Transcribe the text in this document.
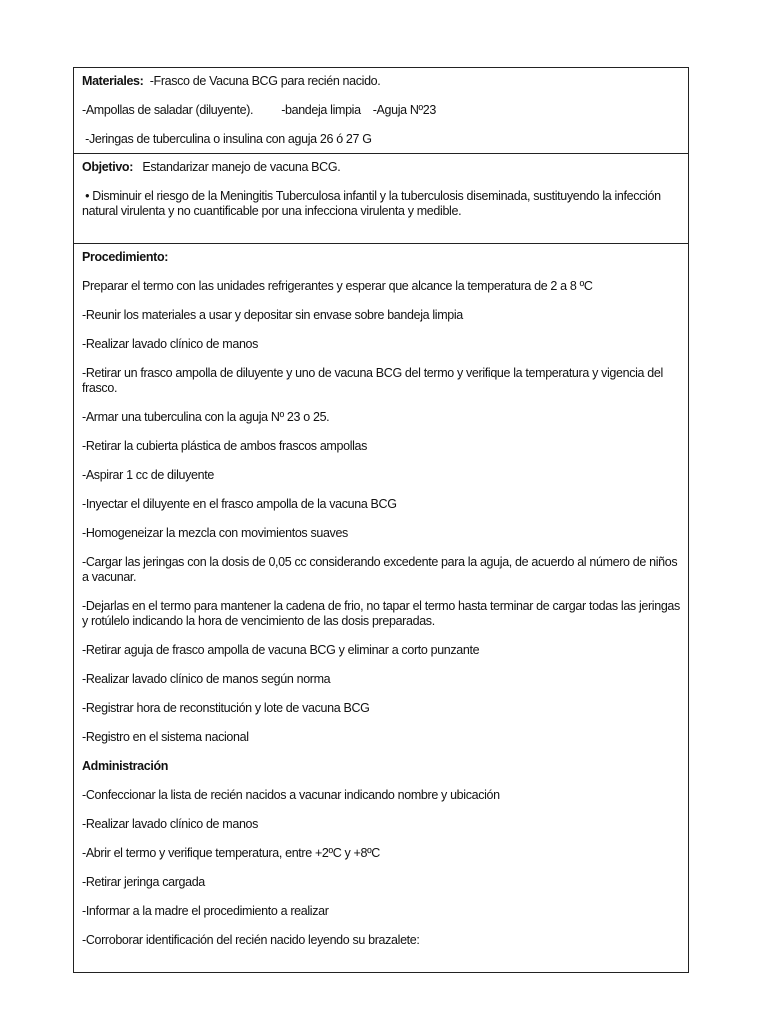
Materiales: -Frasco de Vacuna BCG para recién nacido.

-Ampollas de saladar (diluyente). -bandeja limpia -Aguja Nº23

-Jeringas de tuberculina o insulina con aguja 26 ó 27 G

Objetivo: Estandarizar manejo de vacuna BCG.

• Disminuir el riesgo de la Meningitis Tuberculosa infantil y la tuberculosis diseminada, sustituyendo la infección natural virulenta y no cuantificable por una infecciona virulenta y medible.

Procedimiento:

Preparar el termo con las unidades refrigerantes y esperar que alcance la temperatura de 2 a 8 ºC

-Reunir los materiales a usar y depositar sin envase sobre bandeja limpia

-Realizar lavado clínico de manos

-Retirar un frasco ampolla de diluyente y uno de vacuna BCG del termo y verifique la temperatura y vigencia del frasco.

-Armar una tuberculina con la aguja Nº 23 o 25.

-Retirar la cubierta plástica de ambos frascos ampollas

-Aspirar 1 cc de diluyente

-Inyectar el diluyente en el frasco ampolla de la vacuna BCG

-Homogeneizar la mezcla con movimientos suaves

-Cargar las jeringas con la dosis de 0,05 cc considerando excedente para la aguja, de acuerdo al número de niños a vacunar.

-Dejarlas en el termo para mantener la cadena de frio, no tapar el termo hasta terminar de cargar todas las jeringas y rotúlelo indicando la hora de vencimiento de las dosis preparadas.

-Retirar aguja de frasco ampolla de vacuna BCG y eliminar a corto punzante

-Realizar lavado clínico de manos según norma

-Registrar hora de reconstitución y lote de vacuna BCG

-Registro en el sistema nacional

Administración

-Confeccionar la lista de recién nacidos a vacunar indicando nombre y ubicación

-Realizar lavado clínico de manos

-Abrir el termo y verifique temperatura, entre +2ºC y +8ºC

-Retirar jeringa cargada

-Informar a la madre el procedimiento a realizar

-Corroborar identificación del recién nacido leyendo su brazalete:
